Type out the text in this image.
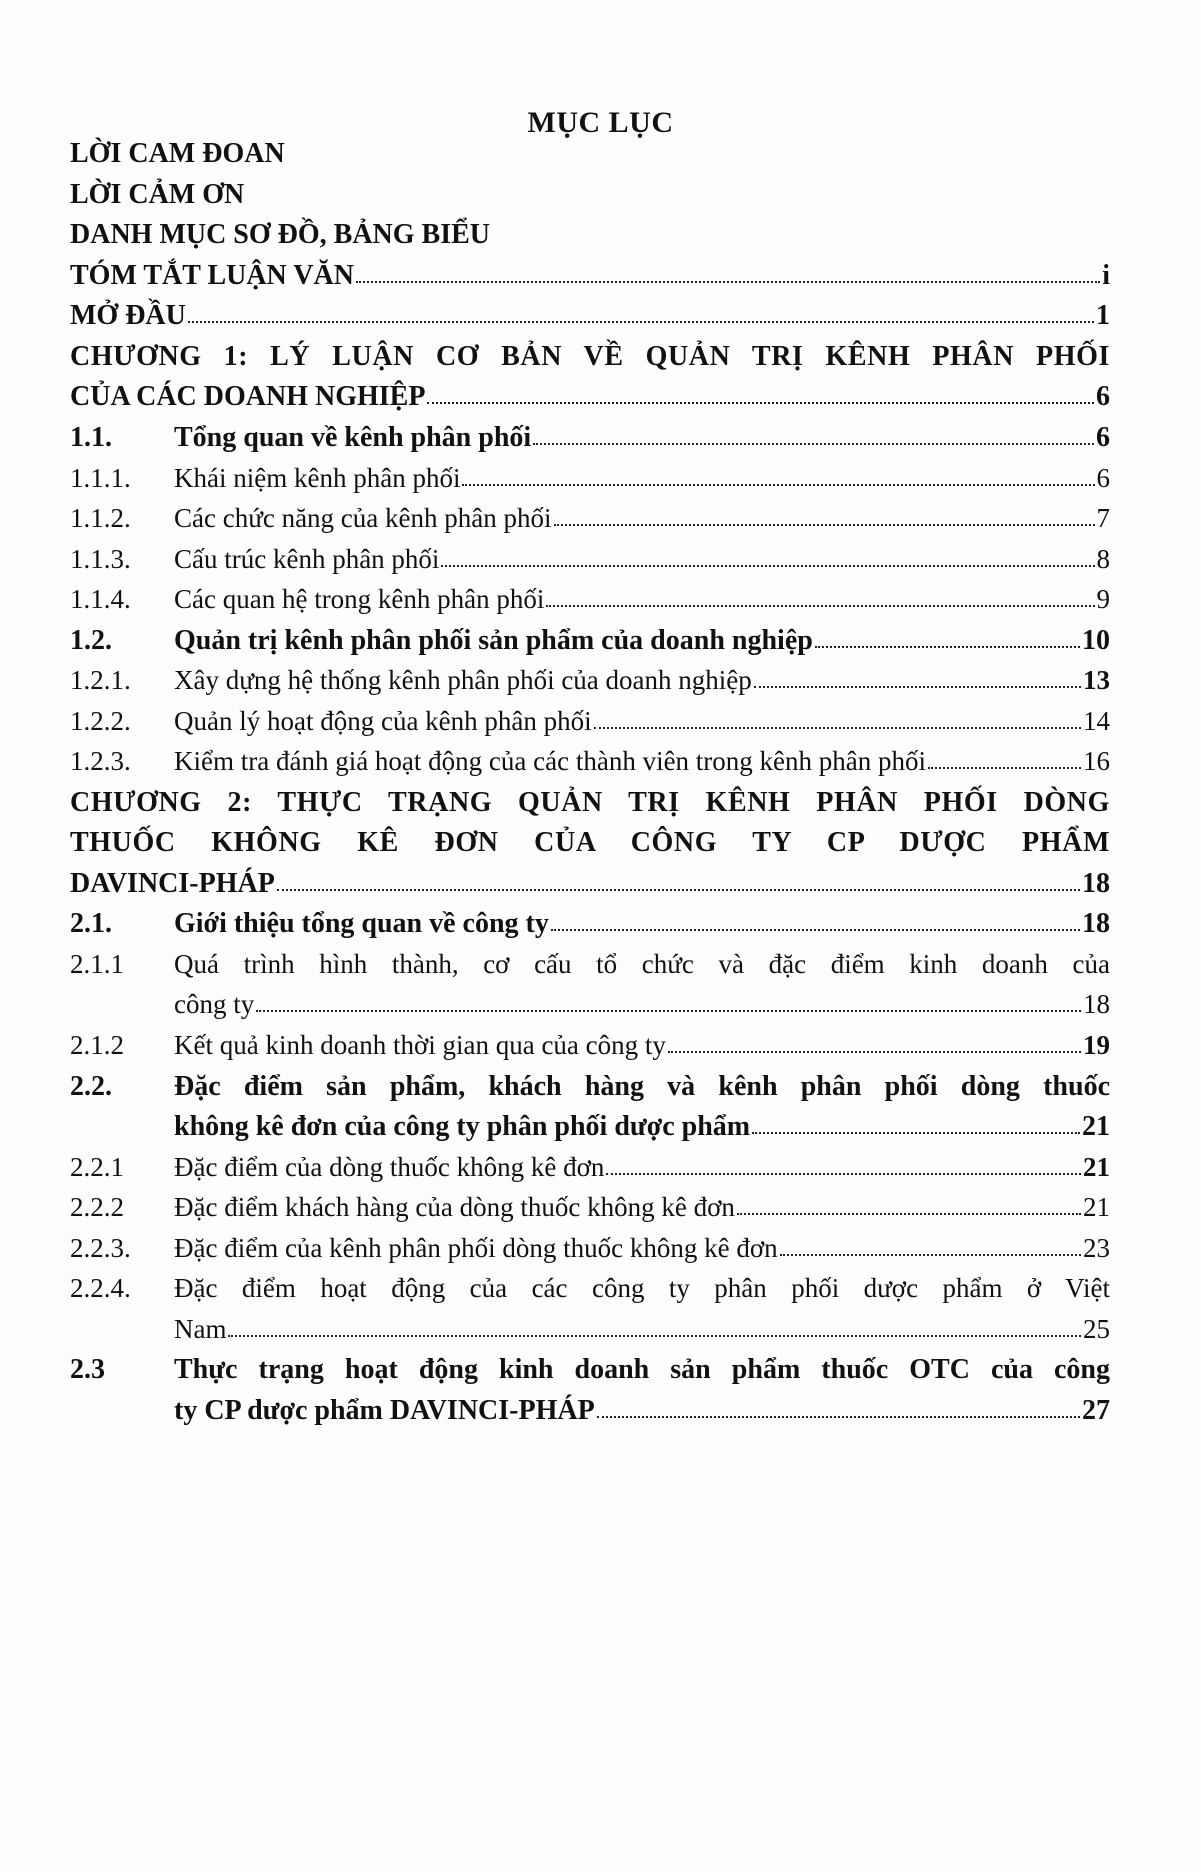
MỤC LỤC
LỜI CAM ĐOAN
LỜI CẢM ƠN
DANH MỤC SƠ ĐỒ, BẢNG BIỂU
TÓM TẮT LUẬN VĂN	i
MỞ ĐẦU	1
CHƯƠNG 1: LÝ LUẬN CƠ BẢN VỀ QUẢN TRỊ KÊNH PHÂN PHỐI
CỦA CÁC DOANH NGHIỆP	6
1.1.	Tổng quan về kênh phân phối	6
1.1.1.	Khái niệm kênh phân phối	6
1.1.2.	Các chức năng của kênh phân phối	7
1.1.3.	Cấu trúc kênh phân phối	8
1.1.4.	Các quan hệ trong kênh phân phối	9
1.2.	Quản trị kênh phân phối sản phẩm của doanh nghiệp	10
1.2.1.	Xây dựng hệ thống kênh phân phối của doanh nghiệp	13
1.2.2.	Quản lý hoạt động của kênh phân phối	14
1.2.3.	Kiểm tra đánh giá hoạt động của các thành viên trong kênh phân phối	16
CHƯƠNG 2: THỰC TRẠNG QUẢN TRỊ KÊNH PHÂN PHỐI DÒNG
THUỐC KHÔNG KÊ ĐƠN CỦA CÔNG TY CP DƯỢC PHẨM
DAVINCI-PHÁP	18
2.1.	Giới thiệu tổng quan về công ty	18
2.1.1	Quá trình hình thành, cơ cấu tổ chức và đặc điểm kinh doanh của
công ty	18
2.1.2	Kết quả kinh doanh thời gian qua của công ty	19
2.2.	Đặc điểm sản phẩm, khách hàng và kênh phân phối dòng thuốc
không kê đơn của công ty phân phối dược phẩm	21
2.2.1	Đặc điểm của dòng thuốc không kê đơn	21
2.2.2	Đặc điểm khách hàng của dòng thuốc không kê đơn	21
2.2.3.	Đặc điểm của kênh phân phối dòng thuốc không kê đơn	23
2.2.4.	Đặc điểm hoạt động của các công ty phân phối dược phẩm ở Việt
Nam	25
2.3	Thực trạng hoạt động kinh doanh sản phẩm thuốc OTC của công
ty CP dược phẩm DAVINCI-PHÁP	27
